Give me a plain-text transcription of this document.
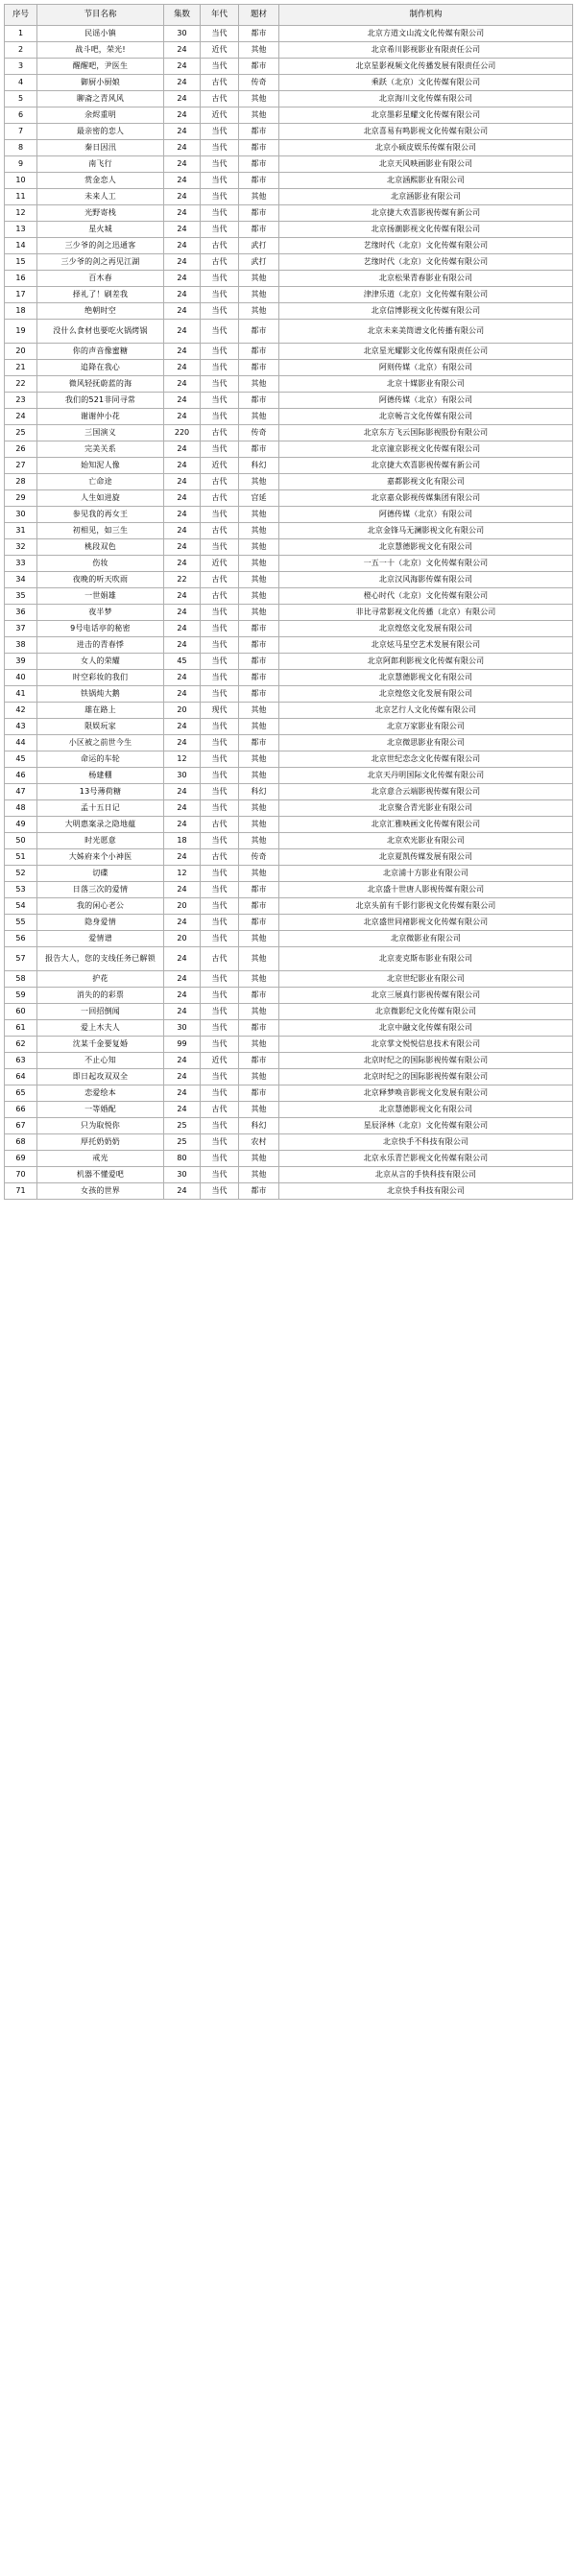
序号	节目名称	集数	年代	题材	制作机构
1	民谣小镇	30	当代	都市	北京方道文山流文化传媒有限公司
2	战斗吧，荣光!	24	近代	其他	北京希川影视影业有限责任公司
3	醒醒吧，尹医生	24	当代	都市	北京星影视频文化传播发展有限责任公司
4	御厨小厨娘	24	古代	传奇	乘跃（北京）文化传媒有限公司
5	聊斋之青风风	24	古代	其他	北京海川文化传媒有限公司
6	余烬重明	24	近代	其他	北京墨彩星耀文化传媒有限公司
7	最亲密的恋人	24	当代	都市	北京喜易有鸣影视文化传媒有限公司
8	秦日因汛	24	当代	都市	北京小硕皮娱乐传媒有限公司
9	南飞行	24	当代	都市	北京天风映画影业有限公司
10	赏金恋人	24	当代	都市	北京涵熙影业有限公司
11	未来人工	24	当代	其他	北京涵影业有限公司
12	光野寄栈	24	当代	都市	北京捷大欢喜影视传媒有新公司
13	星火城	24	当代	都市	北京扬潮影视文化传媒有限公司
14	三少爷的剑之迅通客	24	古代	武打	艺缘时代（北京）文化传媒有限公司
15	三少爷的剑之再见江湖	24	古代	武打	艺缘时代（北京）文化传媒有限公司
16	百木春	24	当代	其他	北京松果青春影业有限公司
17	择礼了！刷差我	24	当代	其他	津津乐道（北京）文化传媒有限公司
18	绝朝时空	24	当代	其他	北京信博影视文化传媒有限公司
19	没什么食材也要吃火锅烤锅	24	当代	都市	北京未来美筒谱文化传播有限公司
20	你的声音像蜜糖	24	当代	都市	北京星光耀影文化传媒有限责任公司
21	追降在我心	24	当代	都市	阿则传媒（北京）有限公司
22	微风轻抚蔚蓝的海	24	当代	其他	北京十媒影业有限公司
23	我们的521非同寻常	24	当代	都市	阿德传媒（北京）有限公司
24	谢谢仲小花	24	当代	其他	北京畅言文化传媒有限公司
25	三国演义	220	古代	传奇	北京东方飞云国际影视股份有限公司
26	完美关系	24	当代	都市	北京潼京影视文化传媒有限公司
27	始知泥人像	24	近代	科幻	北京捷大欢喜影视传媒有新公司
28	亡命途	24	古代	其他	嘉都影视文化有限公司
29	人生如进旋	24	古代	宫延	北京嘉众影视传媒集团有限公司
30	参见我的再女王	24	当代	其他	阿德传媒（北京）有限公司
31	初相见，如三生	24	古代	其他	北京金锋马无澜影视文化有限公司
32	桃段双色	24	当代	其他	北京慧德影视文化有限公司
33	伤妆	24	近代	其他	一五一十（北京）文化传媒有限公司
34	夜晚的听天吹雨	22	古代	其他	北京汉风海影传媒有限公司
35	一世娟雄	24	古代	其他	橙心时代（北京）文化传媒有限公司
36	夜半梦	24	当代	其他	非比寻常影视文化传播（北京）有限公司
37	9号电话亭的秘密	24	当代	都市	北京煌悠文化发展有限公司
38	进击的青春悸	24	当代	都市	北京炫马星空艺术发展有限公司
39	女人的荣耀	45	当代	都市	北京阿郎利影视文化传媒有限公司
40	时空彩妆的我们	24	当代	都市	北京慧德影视文化有限公司
41	铁锅炖大鹅	24	当代	都市	北京煌悠文化发展有限公司
42	雄在路上	20	现代	其他	北京艺行人文化传媒有限公司
43	限娱玩家	24	当代	其他	北京万家影业有限公司
44	小区被之前世今生	24	当代	都市	北京微思影业有限公司
45	命运的车轮	12	当代	其他	北京世纪恋念文化传媒有限公司
46	杨建棚	30	当代	其他	北京天丹明国际文化传媒有限公司
47	13号薄荷糖	24	当代	科幻	北京意合云端影视传媒有限公司
48	孟十五日记	24	当代	其他	北京聚合青光影业有限公司
49	大明惠案录之隐地蕴	24	古代	其他	北京汇雅映画文化传媒有限公司
50	时光愿意	18	当代	其他	北京欢光影业有限公司
51	大姊府来个小神医	24	古代	传奇	北京夏凯传媒发展有限公司
52	切碟	12	当代	其他	北京浦十方影业有限公司
53	日落三次的爱情	24	当代	都市	北京盛十世唐人影视传媒有限公司
54	我的闲心老公	20	当代	都市	北京头前有千影行影视文化传媒有限公司
55	隐身爱情	24	当代	都市	北京盛世同褚影视文化传媒有限公司
56	爱情谱	20	当代	其他	北京微影业有限公司
57	报告大人，您的支线任务已解锁	24	古代	其他	北京麦克斯布影业有限公司
58	护花	24	当代	其他	北京世纪影业有限公司
59	消失的的彩票	24	当代	都市	北京三展真行影视传媒有限公司
60	一回招倒闻	24	当代	其他	北京微影纪文化传媒有限公司
61	爱上木夫人	30	当代	都市	北京中融文化传媒有限公司
62	沈某千金要复婚	99	当代	其他	北京掌文悦悦信息技术有限公司
63	不止心知	24	近代	都市	北京时纪之的国际影视传媒有限公司
64	即日起攻双双全	24	当代	其他	北京时纪之的国际影视传媒有限公司
65	恋爱绘本	24	当代	都市	北京释梦唤音影视文化发展有限公司
66	一等婚配	24	古代	其他	北京慧德影视文化有限公司
67	只为取悦你	25	当代	科幻	星辰泽林（北京）文化传媒有限公司
68	厚托奶奶奶	25	当代	农村	北京快手不科技有限公司
69	戒光	80	当代	其他	北京永乐青芒影视文化传媒有限公司
70	机器不懂爱吧	30	当代	其他	北京从言的手快科技有限公司
71	女孩的世界	24	当代	都市	北京快手科技有限公司
